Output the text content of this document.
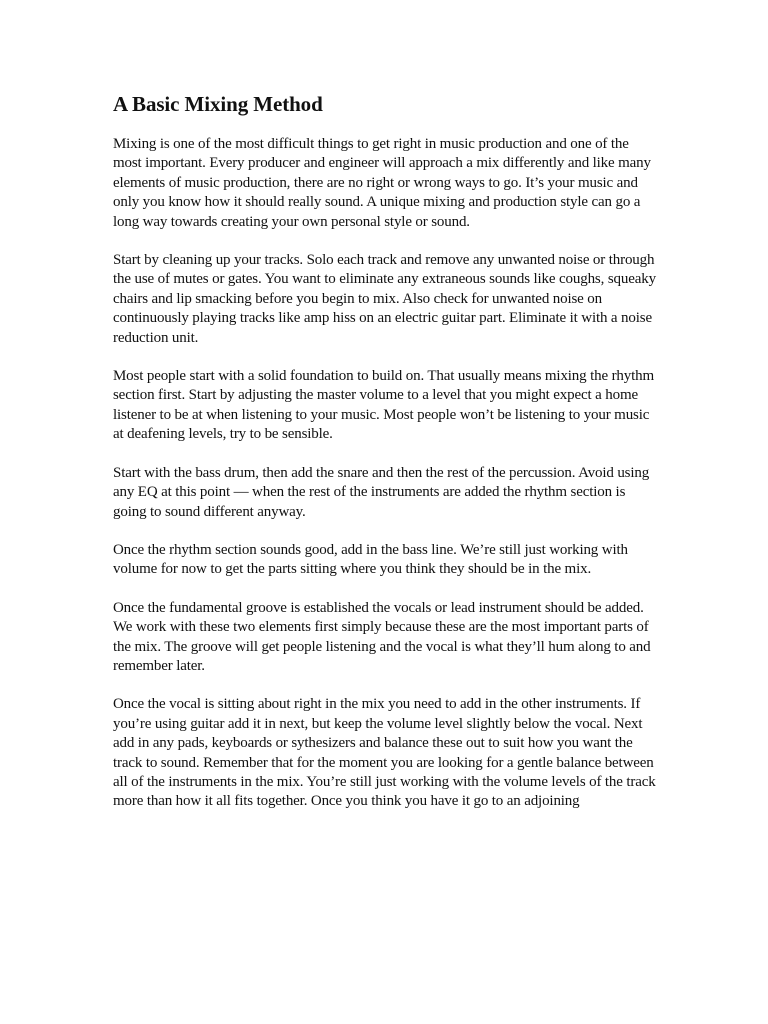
A Basic Mixing Method

Mixing is one of the most difficult things to get right in music production and one of the most important. Every producer and engineer will approach a mix differently and like many elements of music production, there are no right or wrong ways to go. It’s your music and only you know how it should really sound. A unique mixing and production style can go a long way towards creating your own personal style or sound.

Start by cleaning up your tracks. Solo each track and remove any unwanted noise or through the use of mutes or gates. You want to eliminate any extraneous sounds like coughs, squeaky chairs and lip smacking before you begin to mix. Also check for unwanted noise on continuously playing tracks like amp hiss on an electric guitar part. Eliminate it with a noise reduction unit.

Most people start with a solid foundation to build on. That usually means mixing the rhythm section first. Start by adjusting the master volume to a level that you might expect a home listener to be at when listening to your music. Most people won’t be listening to your music at deafening levels, try to be sensible.

Start with the bass drum, then add the snare and then the rest of the percussion. Avoid using any EQ at this point — when the rest of the instruments are added the rhythm section is going to sound different anyway.

Once the rhythm section sounds good, add in the bass line. We’re still just working with volume for now to get the parts sitting where you think they should be in the mix.

Once the fundamental groove is established the vocals or lead instrument should be added. We work with these two elements first simply because these are the most important parts of the mix. The groove will get people listening and the vocal is what they’ll hum along to and remember later.

Once the vocal is sitting about right in the mix you need to add in the other instruments. If you’re using guitar add it in next, but keep the volume level slightly below the vocal. Next add in any pads, keyboards or sythesizers and balance these out to suit how you want the track to sound. Remember that for the moment you are looking for a gentle balance between all of the instruments in the mix. You’re still just working with the volume levels of the track more than how it all fits together. Once you think you have it go to an adjoining
